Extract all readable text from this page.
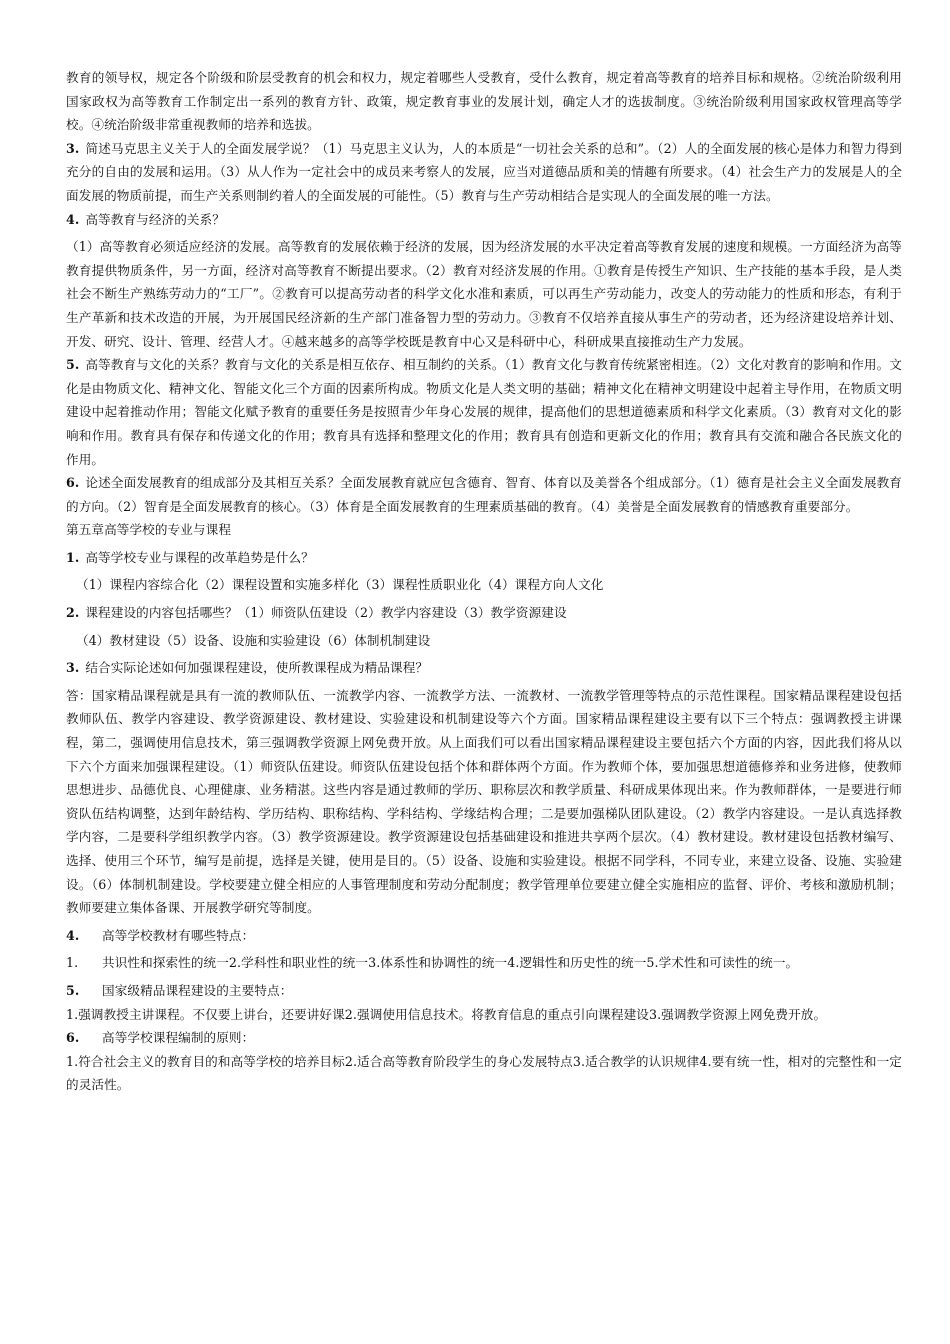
教育的领导权，规定各个阶级和阶层受教育的机会和权力，规定着哪些人受教育，受什么教育，规定着高等教育的培养目标和规格。②统治阶级利用国家政权为高等教育工作制定出一系列的教育方针、政策，规定教育事业的发展计划，确定人才的选拔制度。③统治阶级利用国家政权管理高等学校。④统治阶级非常重视教师的培养和选拔。

3. 简述马克思主义关于人的全面发展学说？（1）马克思主义认为，人的本质是“一切社会关系的总和”。（2）人的全面发展的核心是体力和智力得到充分的自由的发展和运用。（3）从人作为一定社会中的成员来考察人的发展，应当对道德品质和美的情趣有所要求。（4）社会生产力的发展是人的全面发展的物质前提，而生产关系则制约着人的全面发展的可能性。（5）教育与生产劳动相结合是实现人的全面发展的唯一方法。

4. 高等教育与经济的关系？

（1）高等教育必须适应经济的发展。高等教育的发展依赖于经济的发展，因为经济发展的水平决定着高等教育发展的速度和规模。一方面经济为高等教育提供物质条件，另一方面，经济对高等教育不断提出要求。（2）教育对经济发展的作用。①教育是传授生产知识、生产技能的基本手段，是人类社会不断生产熟练劳动力的“工厂”。②教育可以提高劳动者的科学文化水准和素质，可以再生产劳动能力，改变人的劳动能力的性质和形态，有利于生产革新和技术改造的开展，为开展国民经济新的生产部门准备智力型的劳动力。③教育不仅培养直接从事生产的劳动者，还为经济建设培养计划、开发、研究、设计、管理、经营人才。④越来越多的高等学校既是教育中心又是科研中心，科研成果直接推动生产力发展。

5. 高等教育与文化的关系？教育与文化的关系是相互依存、相互制约的关系。（1）教育文化与教育传统紧密相连。（2）文化对教育的影响和作用。文化是由物质文化、精神文化、智能文化三个方面的因素所构成。物质文化是人类文明的基础；精神文化在精神文明建设中起着主导作用，在物质文明建设中起着推动作用；智能文化赋予教育的重要任务是按照青少年身心发展的规律，提高他们的思想道德素质和科学文化素质。（3）教育对文化的影响和作用。教育具有保存和传递文化的作用；教育具有选择和整理文化的作用；教育具有创造和更新文化的作用；教育具有交流和融合各民族文化的作用。

6. 论述全面发展教育的组成部分及其相互关系？全面发展教育就应包含德育、智育、体育以及美誉各个组成部分。（1）德育是社会主义全面发展教育的方向。（2）智育是全面发展教育的核心。（3）体育是全面发展教育的生理素质基础的教育。（4）美誉是全面发展教育的情感教育重要部分。

第五章高等学校的专业与课程

1. 高等学校专业与课程的改革趋势是什么？

（1）课程内容综合化（2）课程设置和实施多样化（3）课程性质职业化（4）课程方向人文化

2. 课程建设的内容包括哪些？（1）师资队伍建设（2）教学内容建设（3）教学资源建设

（4）教材建设（5）设备、设施和实验建设（6）体制机制建设

3. 结合实际论述如何加强课程建设，使所教课程成为精品课程？

答：国家精品课程就是具有一流的教师队伍、一流教学内容、一流教学方法、一流教材、一流教学管理等特点的示范性课程。国家精品课程建设包括教师队伍、教学内容建设、教学资源建设、教材建设、实验建设和机制建设等六个方面。国家精品课程建设主要有以下三个特点：强调教授主讲课程，第二，强调使用信息技术，第三强调教学资源上网免费开放。从上面我们可以看出国家精品课程建设主要包括六个方面的内容，因此我们将从以下六个方面来加强课程建设。（1）师资队伍建设。师资队伍建设包括个体和群体两个方面。作为教师个体，要加强思想道德修养和业务进修，使教师思想进步、品德优良、心理健康、业务精湛。这些内容是通过教师的学历、职称层次和教学质量、科研成果体现出来。作为教师群体，一是要进行师资队伍结构调整，达到年龄结构、学历结构、职称结构、学科结构、学缘结构合理；二是要加强梯队团队建设。（2）教学内容建设。一是认真选择教学内容，二是要科学组织教学内容。（3）教学资源建设。教学资源建设包括基础建设和推进共享两个层次。（4）教材建设。教材建设包括教材编写、选择、使用三个环节，编写是前提，选择是关键，使用是目的。（5）设备、设施和实验建设。根据不同学科，不同专业，来建立设备、设施、实验建设。（6）体制机制建设。学校要建立健全相应的人事管理制度和劳动分配制度；教学管理单位要建立健全实施相应的监督、评价、考核和激励机制；教师要建立集体备课、开展教学研究等制度。

4. 高等学校教材有哪些特点：

1. 共识性和探索性的统一2.学科性和职业性的统一3.体系性和协调性的统一4.逻辑性和历史性的统一5.学术性和可读性的统一。

5. 国家级精品课程建设的主要特点：

1.强调教授主讲课程。不仅要上讲台，还要讲好课2.强调使用信息技术。将教育信息的重点引向课程建设3.强调教学资源上网免费开放。

6. 高等学校课程编制的原则：

1.符合社会主义的教育目的和高等学校的培养目标2.适合高等教育阶段学生的身心发展特点3.适合教学的认识规律4.要有统一性，相对的完整性和一定的灵活性。
